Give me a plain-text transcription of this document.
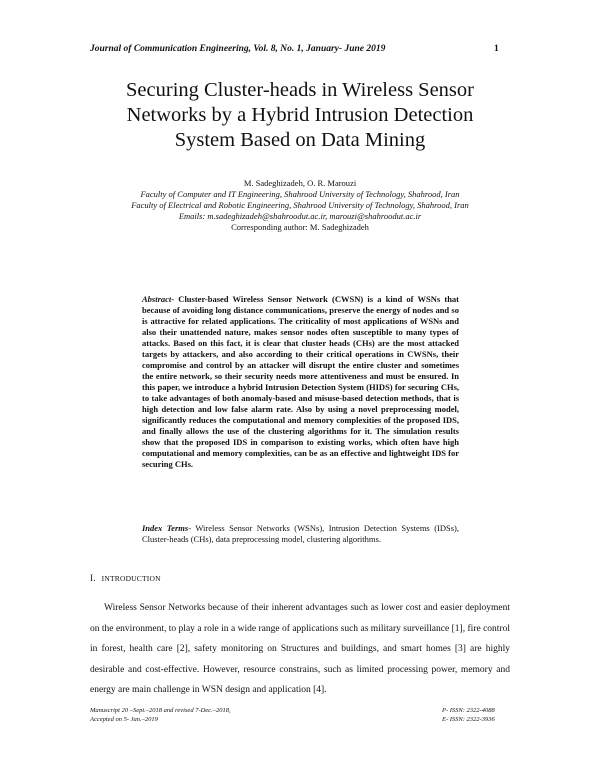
Journal of Communication Engineering, Vol. 8, No. 1, January- June 2019	1
Securing Cluster-heads in Wireless Sensor
Networks by a Hybrid Intrusion Detection
System Based on Data Mining
M. Sadeghizadeh, O. R. Marouzi
Faculty of Computer and IT Engineering, Shahrood University of Technology, Shahrood, Iran
Faculty of Electrical and Robotic Engineering, Shahrood University of Technology, Shahrood, Iran
Emails: m.sadeghizadeh@shahroodut.ac.ir, marouzi@shahroodut.ac.ir
Corresponding author: M. Sadeghizadeh
Abstract- Cluster-based Wireless Sensor Network (CWSN) is a kind of WSNs that because of avoiding long distance communications, preserve the energy of nodes and so is attractive for related applications. The criticality of most applications of WSNs and also their unattended nature, makes sensor nodes often susceptible to many types of attacks. Based on this fact, it is clear that cluster heads (CHs) are the most attacked targets by attackers, and also according to their critical operations in CWSNs, their compromise and control by an attacker will disrupt the entire cluster and sometimes the entire network, so their security needs more attentiveness and must be ensured. In this paper, we introduce a hybrid Intrusion Detection System (HIDS) for securing CHs, to take advantages of both anomaly-based and misuse-based detection methods, that is high detection and low false alarm rate. Also by using a novel preprocessing model, significantly reduces the computational and memory complexities of the proposed IDS, and finally allows the use of the clustering algorithms for it. The simulation results show that the proposed IDS in comparison to existing works, which often have high computational and memory complexities, can be as an effective and lightweight IDS for securing CHs.
Index Terms- Wireless Sensor Networks (WSNs), Intrusion Detection Systems (IDSs), Cluster-heads (CHs), data preprocessing model, clustering algorithms.
I. INTRODUCTION
Wireless Sensor Networks because of their inherent advantages such as lower cost and easier deployment on the environment, to play a role in a wide range of applications such as military surveillance [1], fire control in forest, health care [2], safety monitoring on Structures and buildings, and smart homes [3] are highly desirable and cost-effective. However, resource constrains, such as limited processing power, memory and energy are main challenge in WSN design and application [4].
Manuscript 20 –Sept.–2018 and revised 7-Dec.–2018,
Accepted on 5- Jan.–2019
P- ISSN: 2322-4088
E- ISSN: 2322-3936
